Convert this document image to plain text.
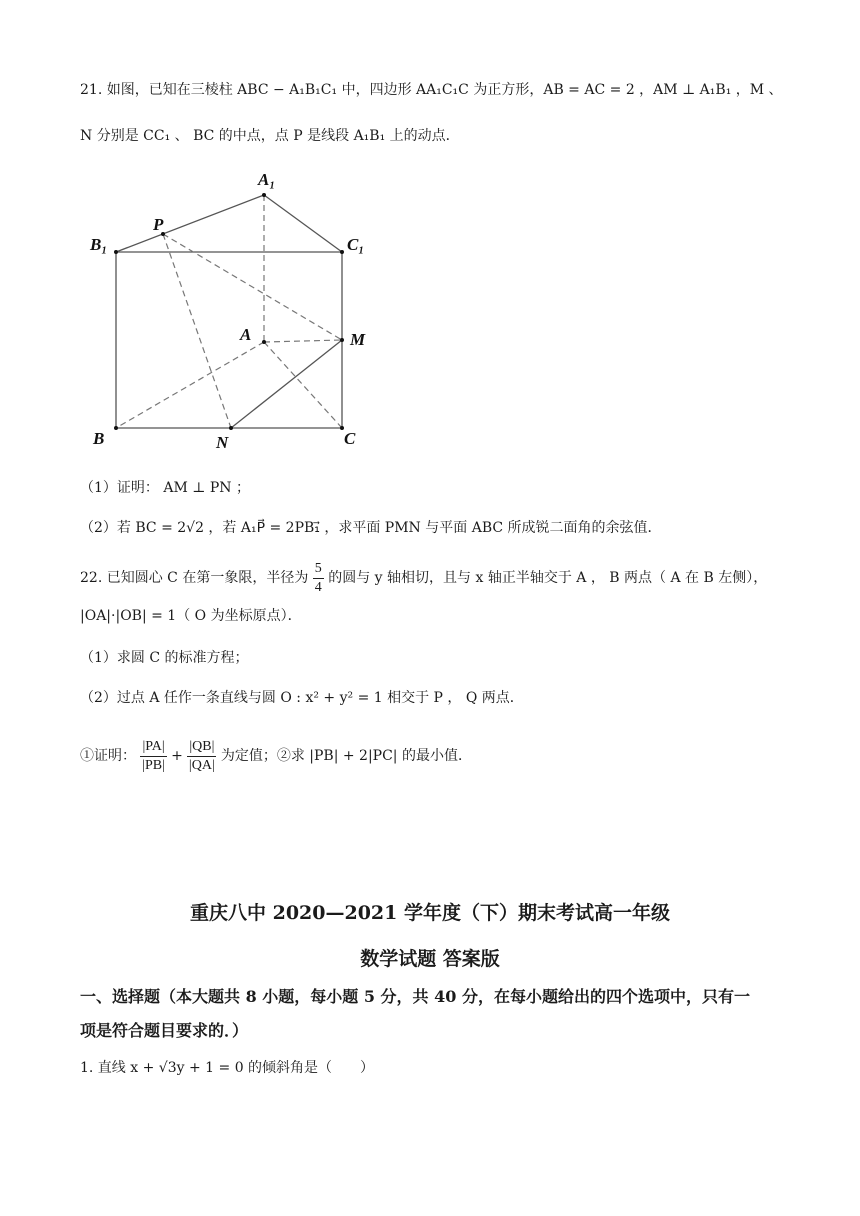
21. 如图，已知在三棱柱 ABC − A₁B₁C₁ 中，四边形 AA₁C₁C 为正方形，AB = AC = 2 ，AM ⊥ A₁B₁ ，M 、
N 分别是 CC₁ 、 BC 的中点，点 P 是线段 A₁B₁ 上的动点．
A₁
B₁	C₁
P
A	M
B	N	C
（1）证明： AM ⊥ PN ；
（2）若 BC = 2√2 ，若 A₁P⃗ = 2PB₁⃗ ，求平面 PMN 与平面 ABC 所成锐二面角的余弦值．
22. 已知圆心 C 在第一象限，半径为 $\frac{5}{4}$ 的圆与 y 轴相切，且与 x 轴正半轴交于 A ， B 两点（ A 在 B 左侧），
|OA|·|OB| = 1（ O 为坐标原点）．
（1）求圆 C 的标准方程；
（2）过点 A 任作一条直线与圆 O : x² + y² = 1 相交于 P ， Q 两点．
①证明： $\frac{|PA|}{|PB|} + \frac{|QB|}{|QA|}$ 为定值；②求 |PB| + 2|PC| 的最小值．
重庆八中 2020—2021 学年度（下）期末考试高一年级
数学试题 答案版
一、选择题（本大题共 8 小题，每小题 5 分，共 40 分，在每小题给出的四个选项中，只有一
项是符合题目要求的．）
1. 直线 x + √3y + 1 = 0 的倾斜角是（　　）
